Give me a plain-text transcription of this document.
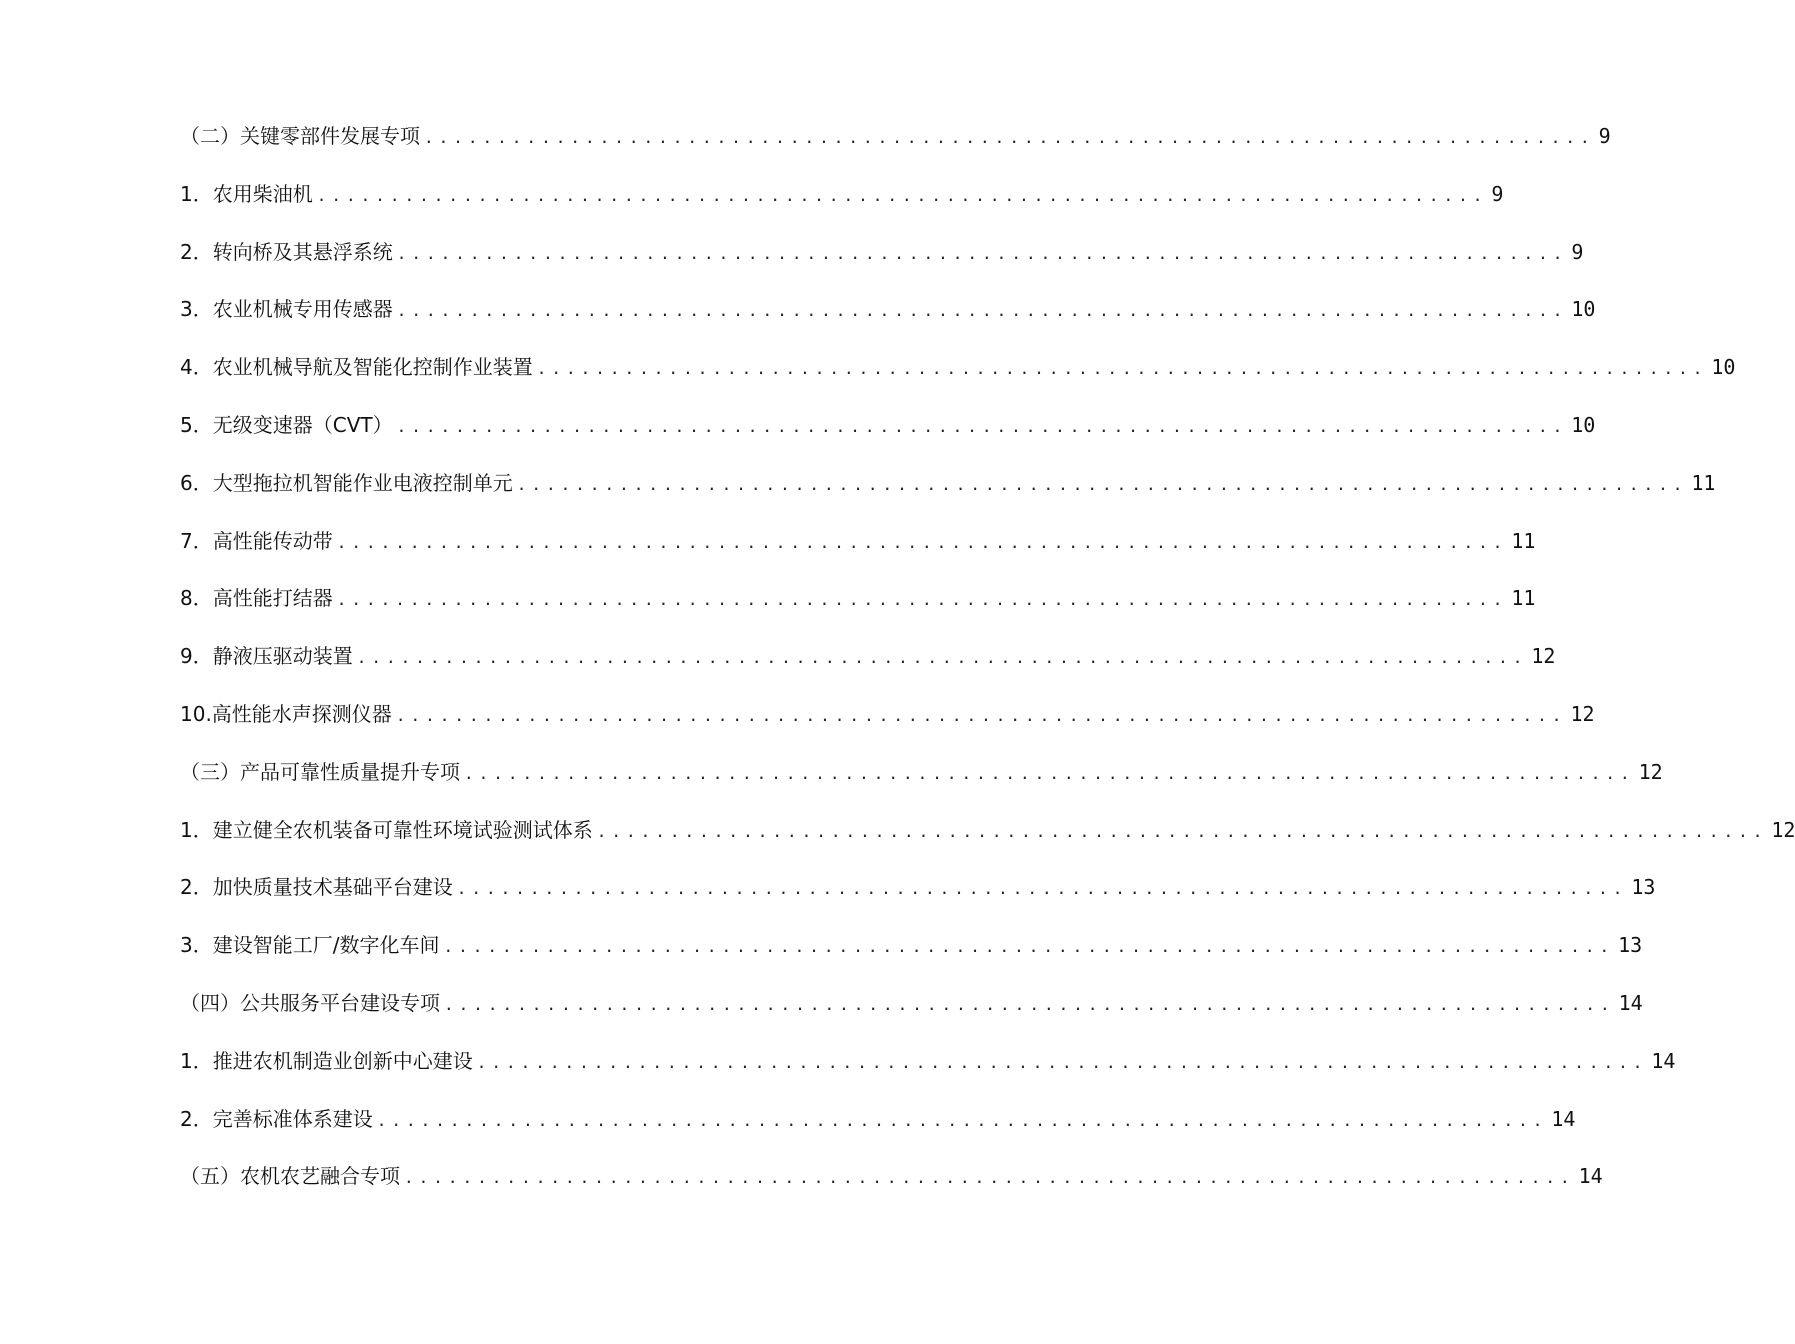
（二）关键零部件发展专项 ................................................................................ 9
1．农用柴油机 ................................................................................ 9
2．转向桥及其悬浮系统 ................................................................................ 9
3．农业机械专用传感器 ................................................................................ 10
4．农业机械导航及智能化控制作业装置 ................................................................................ 10
5．无级变速器（CVT） ................................................................................ 10
6．大型拖拉机智能作业电液控制单元 ................................................................................ 11
7．高性能传动带 ................................................................................ 11
8．高性能打结器 ................................................................................ 11
9．静液压驱动装置 ................................................................................ 12
10.高性能水声探测仪器 ................................................................................ 12
（三）产品可靠性质量提升专项 ................................................................................ 12
1．建立健全农机装备可靠性环境试验测试体系 ................................................................................ 12
2．加快质量技术基础平台建设 ................................................................................ 13
3．建设智能工厂/数字化车间 ................................................................................ 13
（四）公共服务平台建设专项 ................................................................................ 14
1．推进农机制造业创新中心建设 ................................................................................ 14
2．完善标准体系建设 ................................................................................ 14
（五）农机农艺融合专项 ................................................................................ 14
